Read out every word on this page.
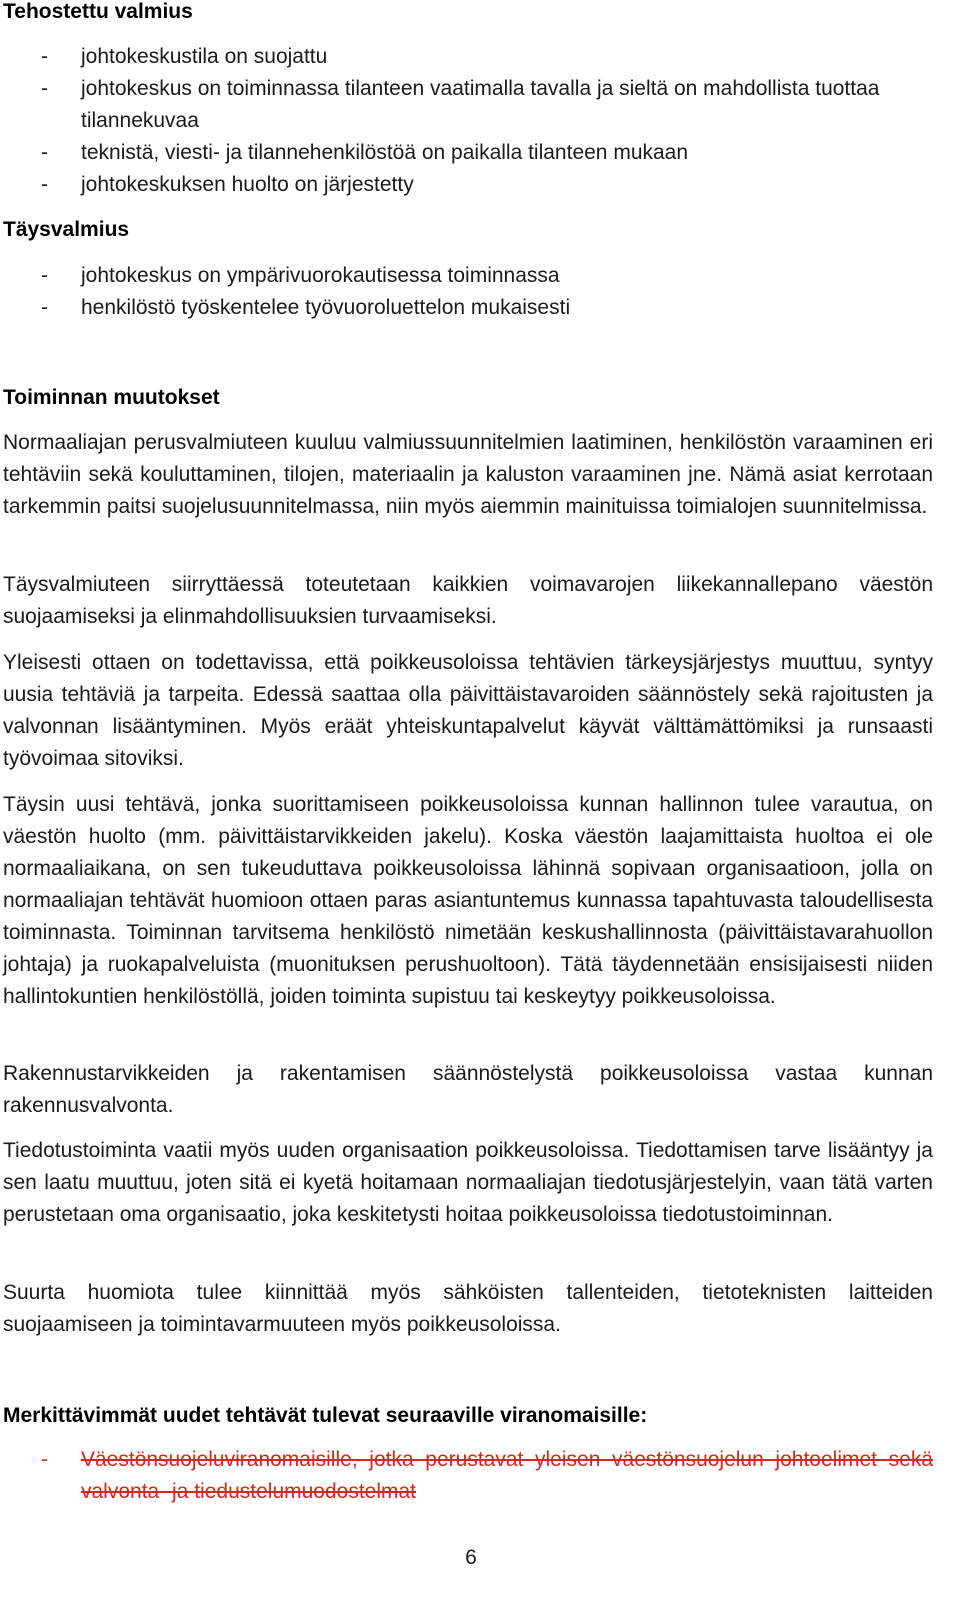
Tehostettu valmius
- johtokeskustila on suojattu
- johtokeskus on toiminnassa tilanteen vaatimalla tavalla ja sieltä on mahdollista tuottaa tilannekuvaa
- teknistä, viesti- ja tilannehenkilöstöä on paikalla tilanteen mukaan
- johtokeskuksen huolto on järjestetty
Täysvalmius
- johtokeskus on ympärivuorokautisessa toiminnassa
- henkilöstö työskentelee työvuoroluettelon mukaisesti
Toiminnan muutokset

Normaaliajan perusvalmiuteen kuuluu valmiussuunnitelmien laatiminen, henkilöstön varaaminen eri tehtäviin sekä kouluttaminen, tilojen, materiaalin ja kaluston varaaminen jne. Nämä asiat kerrotaan tarkemmin paitsi suojelusuunnitelmassa, niin myös aiemmin mainituissa toimialojen suunnitelmissa.

Täysvalmiuteen siirryttäessä toteutetaan kaikkien voimavarojen liikekannallepano väestön suojaamiseksi ja elinmahdollisuuksien turvaamiseksi.

Yleisesti ottaen on todettavissa, että poikkeusoloissa tehtävien tärkeysjärjestys muuttuu, syntyy uusia tehtäviä ja tarpeita. Edessä saattaa olla päivittäistavaroiden säännöstely sekä rajoitusten ja valvonnan lisääntyminen. Myös eräät yhteiskuntapalvelut käyvät välttämättömiksi ja runsaasti työvoimaa sitoviksi.

Täysin uusi tehtävä, jonka suorittamiseen poikkeusoloissa kunnan hallinnon tulee varautua, on väestön huolto (mm. päivittäistarvikkeiden jakelu). Koska väestön laajamittaista huoltoa ei ole normaaliaikana, on sen tukeuduttava poikkeusoloissa lähinnä sopivaan organisaatioon, jolla on normaaliajan tehtävät huomioon ottaen paras asiantuntemus kunnassa tapahtuvasta taloudellisesta toiminnasta. Toiminnan tarvitsema henkilöstö nimetään keskushallinnosta (päivittäistavarahuollon johtaja) ja ruokapalveluista (muonituksen perushuoltoon). Tätä täydennetään ensisijaisesti niiden hallintokuntien henkilöstöllä, joiden toiminta supistuu tai keskeytyy poikkeusoloissa.

Rakennustarvikkeiden ja rakentamisen säännöstelystä poikkeusoloissa vastaa kunnan rakennusvalvonta.

Tiedotustoiminta vaatii myös uuden organisaation poikkeusoloissa. Tiedottamisen tarve lisääntyy ja sen laatu muuttuu, joten sitä ei kyetä hoitamaan normaaliajan tiedotusjärjestelyin, vaan tätä varten perustetaan oma organisaatio, joka keskitetysti hoitaa poikkeusoloissa tiedotustoiminnan.

Suurta huomiota tulee kiinnittää myös sähköisten tallenteiden, tietoteknisten laitteiden suojaamiseen ja toimintavarmuuteen myös poikkeusoloissa.

Merkittävimmät uudet tehtävät tulevat seuraaville viranomaisille:
- Väestönsuojeluviranomaisille, jotka perustavat yleisen väestönsuojelun johtoelimet sekä valvonta- ja tiedustelumuodostelmat
6
